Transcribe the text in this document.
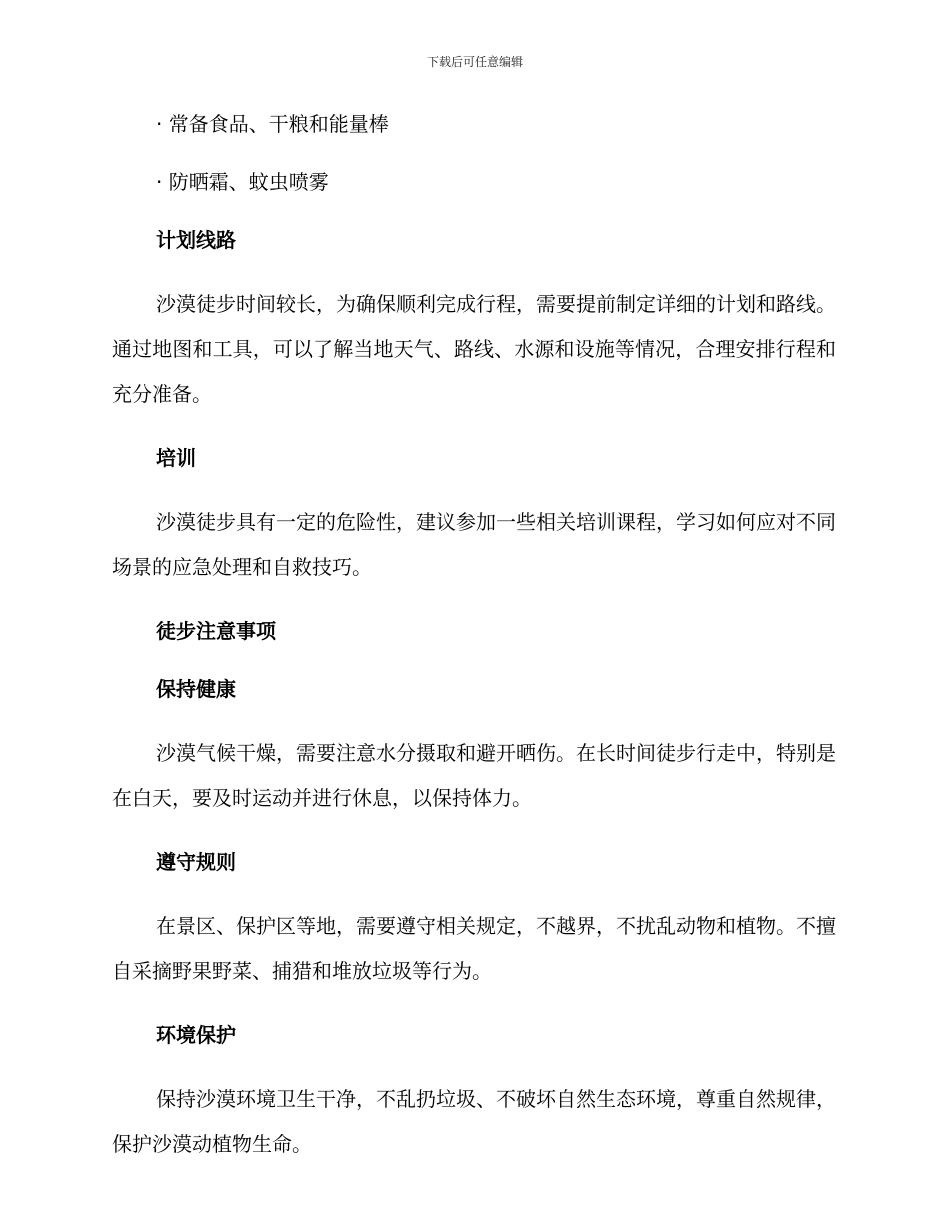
下载后可任意编辑
· 常备食品、干粮和能量棒
· 防晒霜、蚊虫喷雾
计划线路
沙漠徒步时间较长，为确保顺利完成行程，需要提前制定详细的计划和路线。通过地图和工具，可以了解当地天气、路线、水源和设施等情况，合理安排行程和充分准备。
培训
沙漠徒步具有一定的危险性，建议参加一些相关培训课程，学习如何应对不同场景的应急处理和自救技巧。
徒步注意事项
保持健康
沙漠气候干燥，需要注意水分摄取和避开晒伤。在长时间徒步行走中，特别是在白天，要及时运动并进行休息，以保持体力。
遵守规则
在景区、保护区等地，需要遵守相关规定，不越界，不扰乱动物和植物。不擅自采摘野果野菜、捕猎和堆放垃圾等行为。
环境保护
保持沙漠环境卫生干净，不乱扔垃圾、不破坏自然生态环境，尊重自然规律，保护沙漠动植物生命。
